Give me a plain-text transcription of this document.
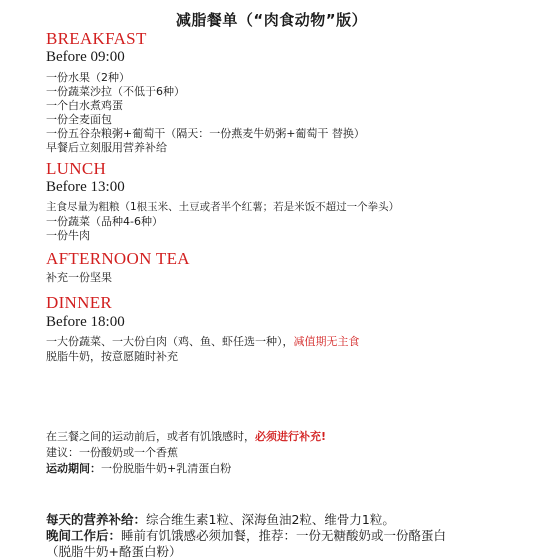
减脂餐单（“肉食动物”版）
BREAKFAST
Before 09:00
一份水果（2种）
一份蔬菜沙拉（不低于6种）
一个白水煮鸡蛋
一份全麦面包
一份五谷杂粮粥+葡萄干（隔天：一份燕麦牛奶粥+葡萄干 替换）
早餐后立刻服用营养补给
LUNCH
Before 13:00
主食尽量为粗粮（1根玉米、土豆或者半个红薯；若是米饭不超过一个拳头）
一份蔬菜（品种4-6种）
一份牛肉
AFTERNOON TEA
补充一份坚果
DINNER
Before 18:00
一大份蔬菜、一大份白肉（鸡、鱼、虾任选一种），减值期无主食
脱脂牛奶，按意愿随时补充
在三餐之间的运动前后，或者有饥饿感时，必须进行补充!
建议：一份酸奶或一个香蕉
运动期间：一份脱脂牛奶+乳清蛋白粉
每天的营养补给：综合维生素1粒、深海鱼油2粒、维骨力1粒。
晚间工作后：睡前有饥饿感必须加餐，推荐：一份无糖酸奶或一份酪蛋白
（脱脂牛奶+酪蛋白粉）
